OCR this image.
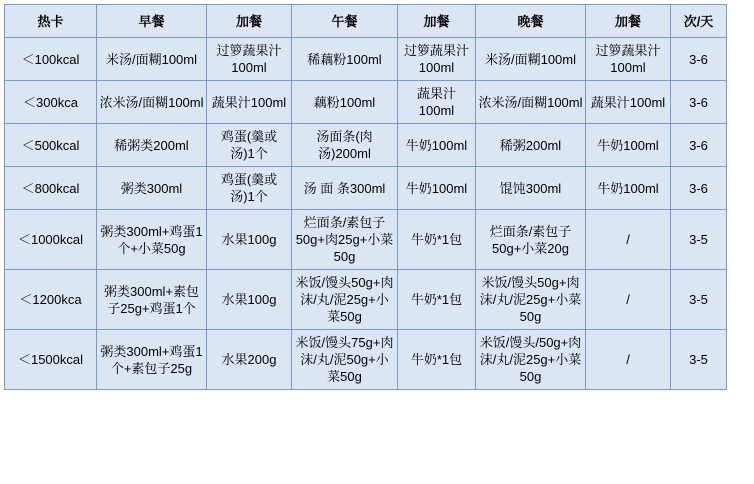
热卡	早餐	加餐	午餐	加餐	晚餐	加餐	次/天
＜100kcal	米汤/面糊100ml	过箩蔬果汁100ml	稀藕粉100ml	过箩蔬果汁100ml	米汤/面糊100ml	过箩蔬果汁100ml	3-6
＜300kca	浓米汤/面糊100ml	蔬果汁100ml	藕粉100ml	蔬果汁100ml	浓米汤/面糊100ml	蔬果汁100ml	3-6
＜500kcal	稀粥类200ml	鸡蛋(羹或汤)1个	汤面条(肉汤)200ml	牛奶100ml	稀粥200ml	牛奶100ml	3-6
＜800kcal	粥类300ml	鸡蛋(羹或汤)1个	汤 面 条300ml	牛奶100ml	馄饨300ml	牛奶100ml	3-6
＜1000kcal	粥类300ml+鸡蛋1个+小菜50g	水果100g	烂面条/素包子50g+肉25g+小菜50g	牛奶*1包	烂面条/素包子50g+小菜20g	/	3-5
＜1200kca	粥类300ml+素包子25g+鸡蛋1个	水果100g	米饭/馒头50g+肉沫/丸/泥25g+小菜50g	牛奶*1包	米饭/馒头50g+肉沫/丸/泥25g+小菜50g	/	3-5
＜1500kcal	粥类300ml+鸡蛋1个+素包子25g	水果200g	米饭/馒头75g+肉沫/丸/泥50g+小菜50g	牛奶*1包	米饭/馒头/50g+肉沫/丸/泥25g+小菜50g	/	3-5
